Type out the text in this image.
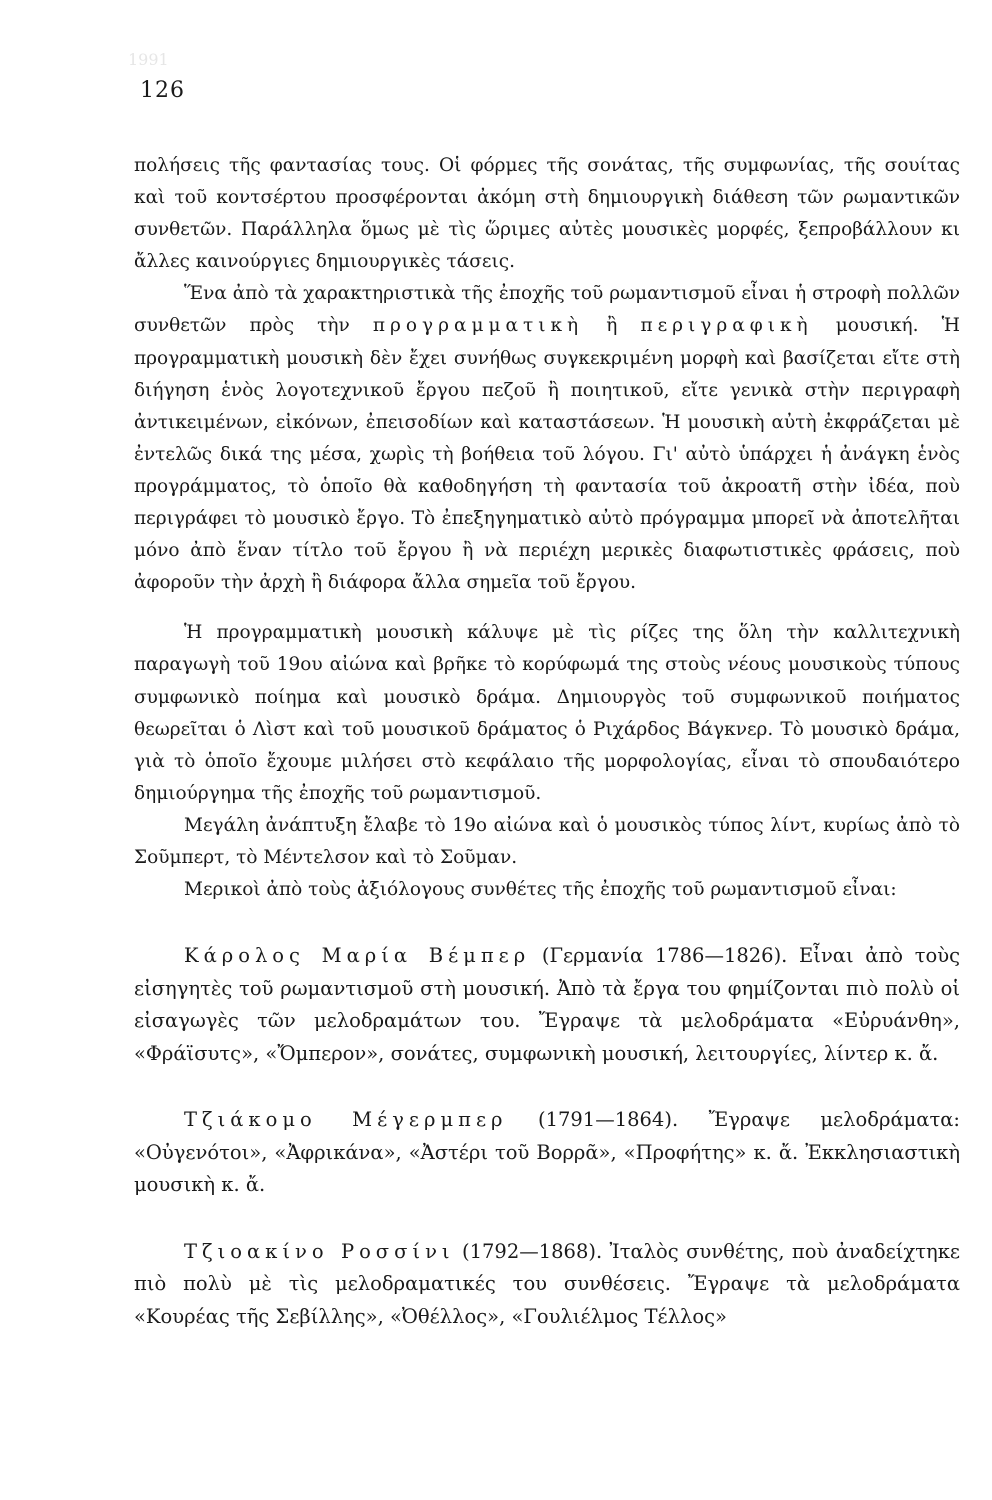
1991
126

πολήσεις τῆς φαντασίας τους. Οἱ φόρμες τῆς σονάτας, τῆς συμφωνίας, τῆς σουίτας καὶ τοῦ κοντσέρτου προσφέρονται ἀκόμη στὴ δημιουργικὴ διάθεση τῶν ρωμαντικῶν συνθετῶν. Παράλληλα ὅμως μὲ τὶς ὥριμες αὐτὲς μουσικὲς μορφές, ξεπροβάλλουν κι ἄλλες καινούργιες δημιουργικὲς τάσεις.

Ἕνα ἀπὸ τὰ χαρακτηριστικὰ τῆς ἐποχῆς τοῦ ρωμαντισμοῦ εἶναι ἡ στροφὴ πολλῶν συνθετῶν πρὸς τὴν προγραμματικὴ ἢ περιγραφικὴ μουσική. Ἡ προγραμματικὴ μουσικὴ δὲν ἔχει συνήθως συγκεκριμένη μορφὴ καὶ βασίζεται εἴτε στὴ διήγηση ἑνὸς λογοτεχνικοῦ ἔργου πεζοῦ ἢ ποιητικοῦ, εἴτε γενικὰ στὴν περιγραφὴ ἀντικειμένων, εἰκόνων, ἐπεισοδίων καὶ καταστάσεων. Ἡ μουσικὴ αὐτὴ ἐκφράζεται μὲ ἐντελῶς δικά της μέσα, χωρὶς τὴ βοήθεια τοῦ λόγου. Γι' αὐτὸ ὑπάρχει ἡ ἀνάγκη ἑνὸς προγράμματος, τὸ ὁποῖο θὰ καθοδηγήση τὴ φαντασία τοῦ ἀκροατῆ στὴν ἰδέα, ποὺ περιγράφει τὸ μουσικὸ ἔργο. Τὸ ἐπεξηγηματικὸ αὐτὸ πρόγραμμα μπορεῖ νὰ ἀποτελῆται μόνο ἀπὸ ἕναν τίτλο τοῦ ἔργου ἢ νὰ περιέχη μερικὲς διαφωτιστικὲς φράσεις, ποὺ ἀφοροῦν τὴν ἀρχὴ ἢ διάφορα ἄλλα σημεῖα τοῦ ἔργου.

Ἡ προγραμματικὴ μουσικὴ κάλυψε μὲ τὶς ρίζες της ὅλη τὴν καλλιτεχνικὴ παραγωγὴ τοῦ 19ου αἰώνα καὶ βρῆκε τὸ κορύφωμά της στοὺς νέους μουσικοὺς τύπους συμφωνικὸ ποίημα καὶ μουσικὸ δράμα. Δημιουργὸς τοῦ συμφωνικοῦ ποιήματος θεωρεῖται ὁ Λὶστ καὶ τοῦ μουσικοῦ δράματος ὁ Ριχάρδος Βάγκνερ. Τὸ μουσικὸ δράμα, γιὰ τὸ ὁποῖο ἔχουμε μιλήσει στὸ κεφάλαιο τῆς μορφολογίας, εἶναι τὸ σπουδαιότερο δημιούργημα τῆς ἐποχῆς τοῦ ρωμαντισμοῦ.

Μεγάλη ἀνάπτυξη ἔλαβε τὸ 19ο αἰώνα καὶ ὁ μουσικὸς τύπος λίντ, κυρίως ἀπὸ τὸ Σοῦμπερτ, τὸ Μέντελσον καὶ τὸ Σοῦμαν.

Μερικοὶ ἀπὸ τοὺς ἀξιόλογους συνθέτες τῆς ἐποχῆς τοῦ ρωμαντισμοῦ εἶναι:

Κάρολος Μαρία Βέμπερ (Γερμανία 1786—1826). Εἶναι ἀπὸ τοὺς εἰσηγητὲς τοῦ ρωμαντισμοῦ στὴ μουσική. Ἀπὸ τὰ ἔργα του φημίζονται πιὸ πολὺ οἱ εἰσαγωγὲς τῶν μελοδραμάτων του. Ἔγραψε τὰ μελοδράματα «Εὐρυάνθη», «Φράϊσυτς», «Ὄμπερον», σονάτες, συμφωνικὴ μουσική, λειτουργίες, λίντερ κ. ἄ.

Τζιάκομο Μέγερμπερ (1791—1864). Ἔγραψε μελοδράματα: «Οὐγενότοι», «Ἀφρικάνα», «Ἀστέρι τοῦ Βορρᾶ», «Προφήτης» κ. ἄ. Ἐκκλησιαστικὴ μουσικὴ κ. ἄ.

Τζιοακίνο Ροσσίνι (1792—1868). Ἰταλὸς συνθέτης, ποὺ ἀναδείχτηκε πιὸ πολὺ μὲ τὶς μελοδραματικές του συνθέσεις. Ἔγραψε τὰ μελοδράματα «Κουρέας τῆς Σεβίλλης», «Ὀθέλλος», «Γουλιέλμος Τέλλος»
